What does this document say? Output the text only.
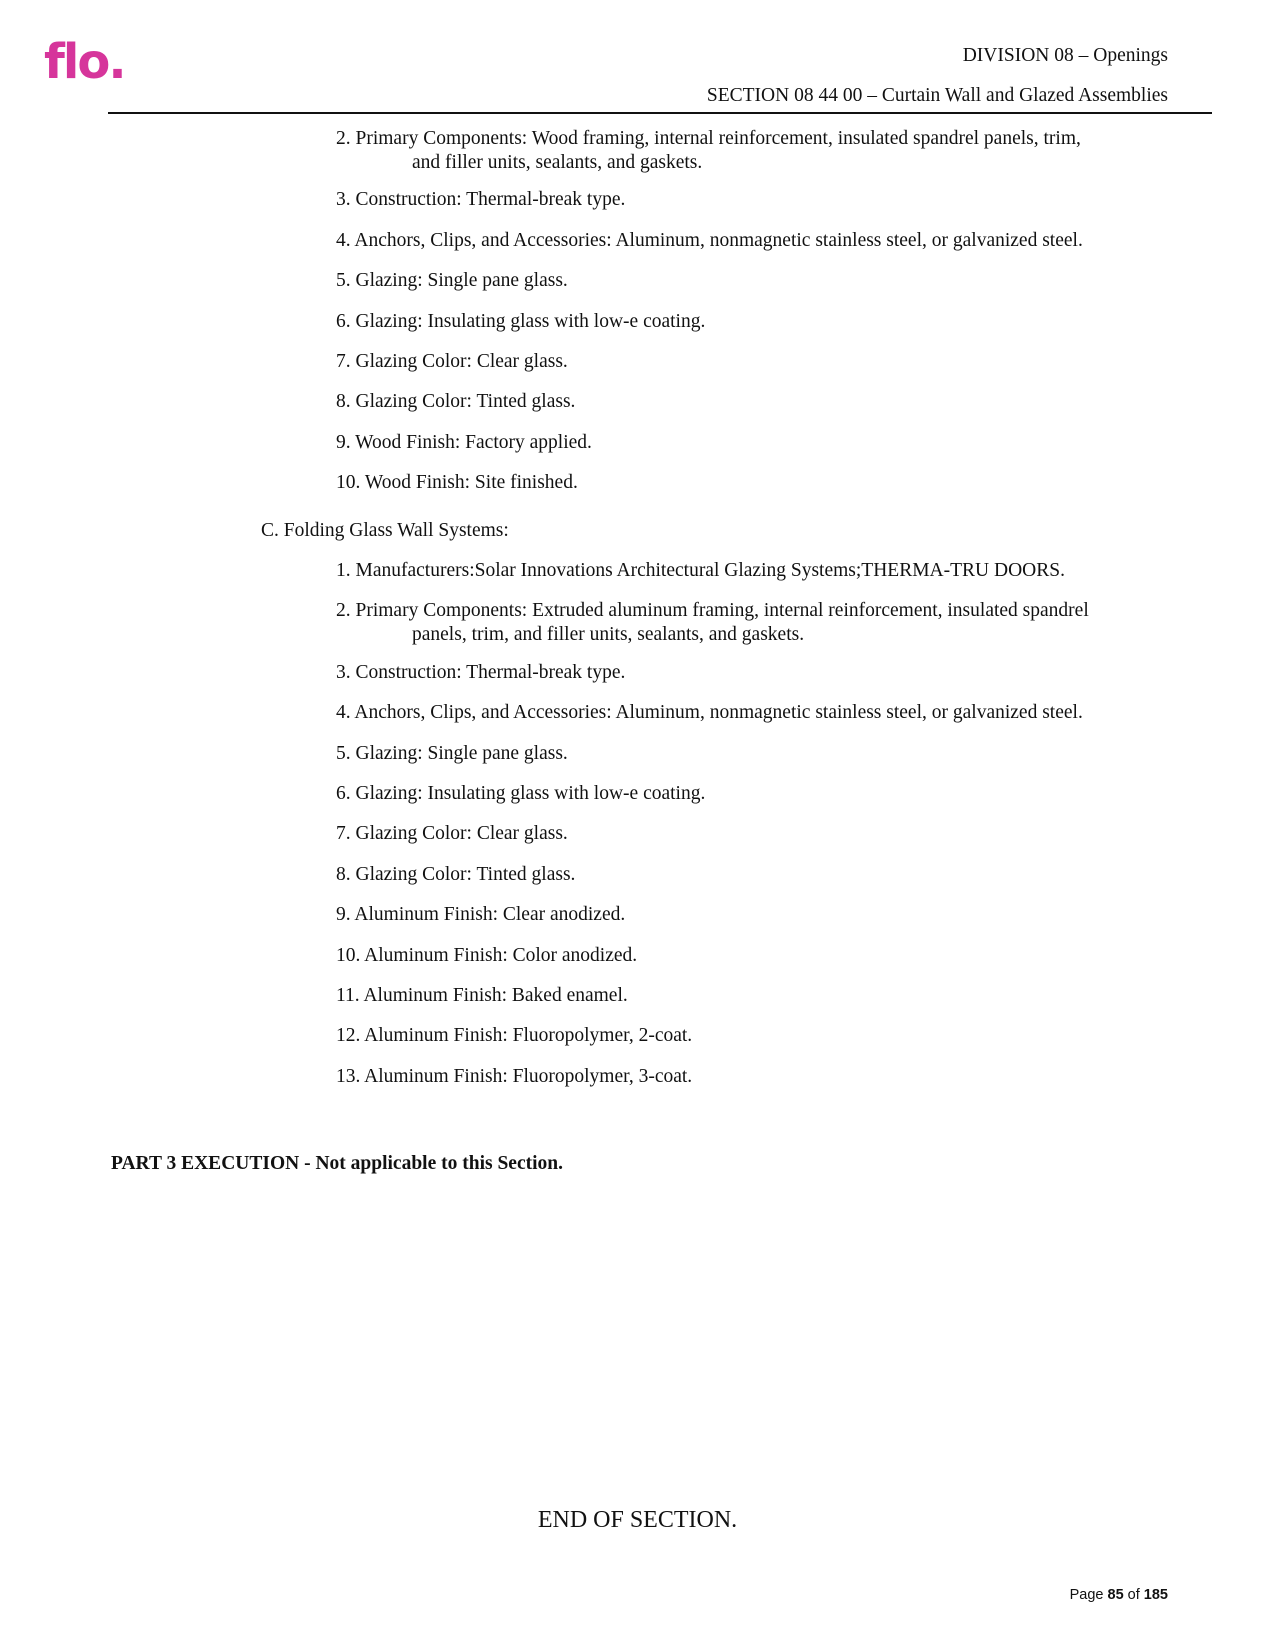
flo.	DIVISION 08 – Openings
SECTION 08 44 00 – Curtain Wall and Glazed Assemblies
2. Primary Components: Wood framing, internal reinforcement, insulated spandrel panels, trim,
and filler units, sealants, and gaskets.
3. Construction: Thermal-break type.
4. Anchors, Clips, and Accessories: Aluminum, nonmagnetic stainless steel, or galvanized steel.
5. Glazing: Single pane glass.
6. Glazing: Insulating glass with low-e coating.
7. Glazing Color: Clear glass.
8. Glazing Color: Tinted glass.
9. Wood Finish: Factory applied.
10. Wood Finish: Site finished.
C. Folding Glass Wall Systems:
1. Manufacturers:Solar Innovations Architectural Glazing Systems;THERMA-TRU DOORS.
2. Primary Components: Extruded aluminum framing, internal reinforcement, insulated spandrel
panels, trim, and filler units, sealants, and gaskets.
3. Construction: Thermal-break type.
4. Anchors, Clips, and Accessories: Aluminum, nonmagnetic stainless steel, or galvanized steel.
5. Glazing: Single pane glass.
6. Glazing: Insulating glass with low-e coating.
7. Glazing Color: Clear glass.
8. Glazing Color: Tinted glass.
9. Aluminum Finish: Clear anodized.
10. Aluminum Finish: Color anodized.
11. Aluminum Finish: Baked enamel.
12. Aluminum Finish: Fluoropolymer, 2-coat.
13. Aluminum Finish: Fluoropolymer, 3-coat.
PART 3 EXECUTION - Not applicable to this Section.
END OF SECTION.
Page 85 of 185
